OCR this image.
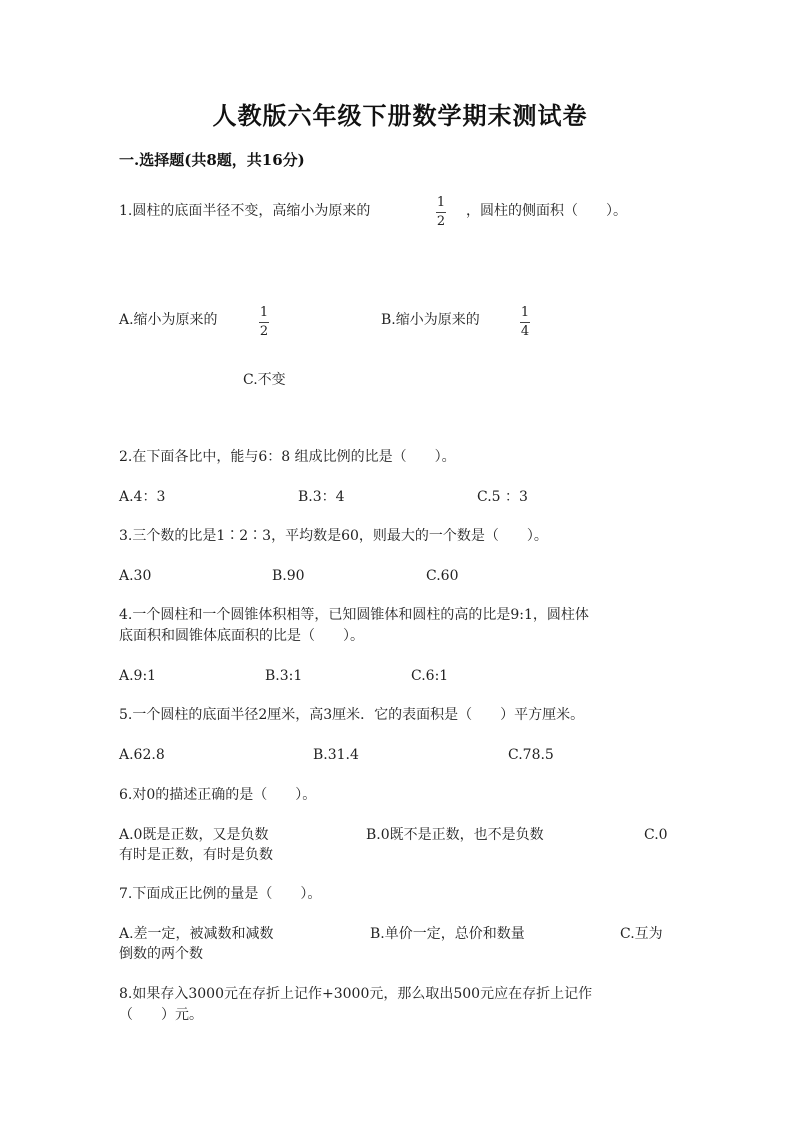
人教版六年级下册数学期末测试卷
一.选择题(共8题，共16分)
1.圆柱的底面半径不变，高缩小为原来的
1
2
，圆柱的侧面积（　　）。
A.缩小为原来的	1
2
B.缩小为原来的	1
4
C.不变
2.在下面各比中，能与6：8 组成比例的比是（　　）。
A.4：3	B.3：4	C.5 ：3
3.三个数的比是1∶2∶3，平均数是60，则最大的一个数是（　　）。
A.30	B.90	C.60
4.一个圆柱和一个圆锥体积相等，已知圆锥体和圆柱的高的比是9:1，圆柱体
底面积和圆锥体底面积的比是（　　）。
A.9:1	B.3:1	C.6:1
5.一个圆柱的底面半径2厘米，高3厘米．它的表面积是（　　）平方厘米。
A.62.8	B.31.4	C.78.5
6.对0的描述正确的是（　　）。
A.0既是正数，又是负数	B.0既不是正数，也不是负数	C.0
有时是正数，有时是负数
7.下面成正比例的量是（　　）。
A.差一定，被减数和减数	B.单价一定，总价和数量	C.互为
倒数的两个数
8.如果存入3000元在存折上记作+3000元，那么取出500元应在存折上记作
（　　）元。
